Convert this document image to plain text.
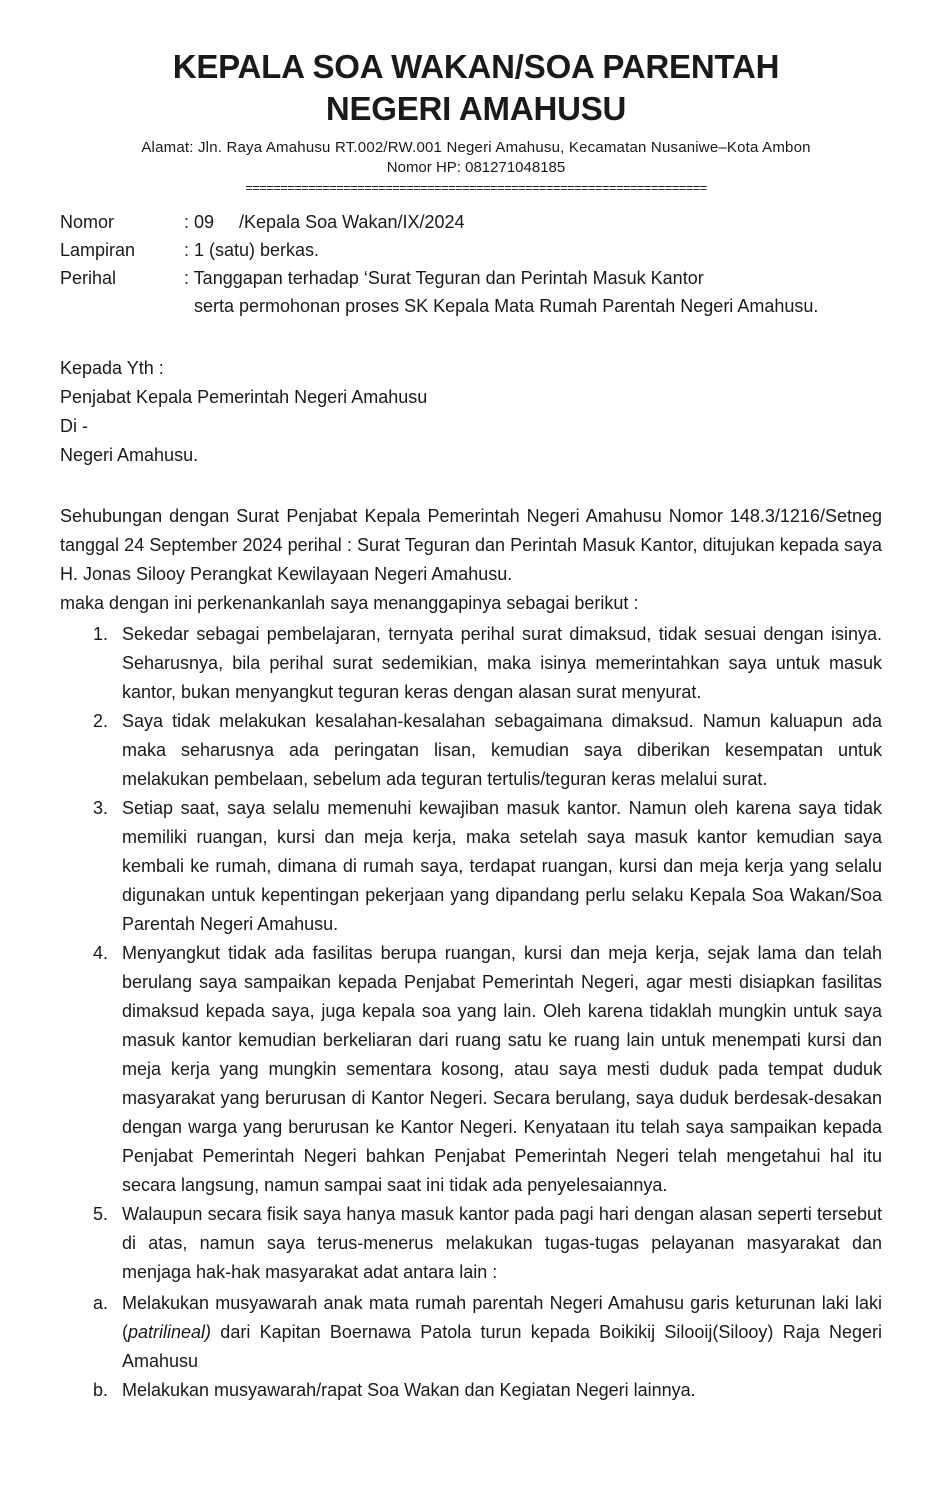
KEPALA SOA WAKAN/SOA PARENTAH
NEGERI AMAHUSU
Alamat: Jln. Raya Amahusu RT.002/RW.001 Negeri Amahusu, Kecamatan Nusaniwe–Kota Ambon
Nomor HP: 081271048185
==================================================================
Nomor	: 09     /Kepala Soa Wakan/IX/2024
Lampiran	: 1 (satu) berkas.
Perihal	: Tanggapan terhadap ‘Surat Teguran dan Perintah Masuk Kantor
serta permohonan proses SK Kepala Mata Rumah Parentah Negeri Amahusu.
Kepada Yth :
Penjabat Kepala Pemerintah Negeri Amahusu
Di -
Negeri Amahusu.
Sehubungan dengan Surat Penjabat Kepala Pemerintah Negeri Amahusu Nomor 148.3/1216/Setneg tanggal 24 September 2024 perihal : Surat Teguran dan Perintah Masuk Kantor, ditujukan kepada saya H. Jonas Silooy Perangkat Kewilayaan Negeri Amahusu.
maka dengan ini perkenankanlah saya menanggapinya sebagai berikut :
1. Sekedar sebagai pembelajaran, ternyata perihal surat dimaksud, tidak sesuai dengan isinya. Seharusnya, bila perihal surat sedemikian, maka isinya memerintahkan saya untuk masuk kantor, bukan menyangkut teguran keras dengan alasan surat menyurat.
2. Saya tidak melakukan kesalahan-kesalahan sebagaimana dimaksud. Namun kaluapun ada maka seharusnya ada peringatan lisan, kemudian saya diberikan kesempatan untuk melakukan pembelaan, sebelum ada teguran tertulis/teguran keras melalui surat.
3. Setiap saat, saya selalu memenuhi kewajiban masuk kantor. Namun oleh karena saya tidak memiliki ruangan, kursi dan meja kerja, maka setelah saya masuk kantor kemudian saya kembali ke rumah, dimana di rumah saya, terdapat ruangan, kursi dan meja kerja yang selalu digunakan untuk kepentingan pekerjaan yang dipandang perlu selaku Kepala Soa Wakan/Soa Parentah Negeri Amahusu.
4. Menyangkut tidak ada fasilitas berupa ruangan, kursi dan meja kerja, sejak lama dan telah berulang saya sampaikan kepada Penjabat Pemerintah Negeri, agar mesti disiapkan fasilitas dimaksud kepada saya, juga kepala soa yang lain. Oleh karena tidaklah mungkin untuk saya masuk kantor kemudian berkeliaran dari ruang satu ke ruang lain untuk menempati kursi dan meja kerja yang mungkin sementara kosong, atau saya mesti duduk pada tempat duduk masyarakat yang berurusan di Kantor Negeri. Secara berulang, saya duduk berdesak-desakan dengan warga yang berurusan ke Kantor Negeri. Kenyataan itu telah saya sampaikan kepada Penjabat Pemerintah Negeri bahkan Penjabat Pemerintah Negeri telah mengetahui hal itu secara langsung, namun sampai saat ini tidak ada penyelesaiannya.
5. Walaupun secara fisik saya hanya masuk kantor pada pagi hari dengan alasan seperti tersebut di atas, namun saya terus-menerus melakukan tugas-tugas pelayanan masyarakat dan menjaga hak-hak masyarakat adat antara lain :
a. Melakukan musyawarah anak mata rumah parentah Negeri Amahusu garis keturunan laki laki (patrilineal) dari Kapitan Boernawa Patola turun kepada Boikikij Silooij(Silooy) Raja Negeri Amahusu
b. Melakukan musyawarah/rapat Soa Wakan dan Kegiatan Negeri lainnya.
